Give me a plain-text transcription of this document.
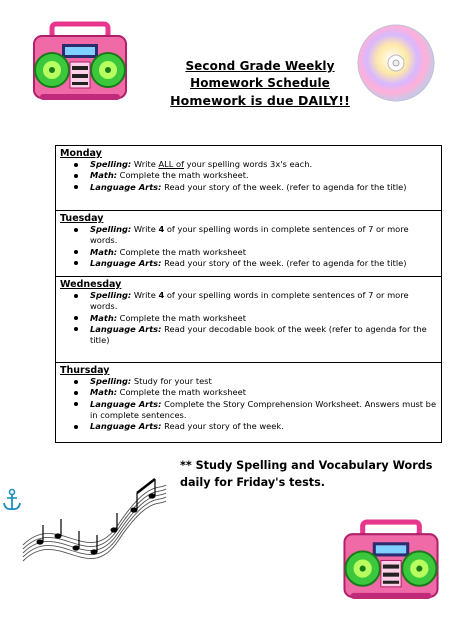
Second Grade Weekly
Homework Schedule
Homework is due DAILY!!
Monday
Spelling: Write ALL of your spelling words 3x's each.
Math: Complete the math worksheet.
Language Arts: Read your story of the week. (refer to agenda for the title)
Tuesday
Spelling: Write 4 of your spelling words in complete sentences of 7 or more words.
Math: Complete the math worksheet
Language Arts: Read your story of the week. (refer to agenda for the title)
Wednesday
Spelling: Write 4 of your spelling words in complete sentences of 7 or more words.
Math: Complete the math worksheet
Language Arts: Read your decodable book of the week (refer to agenda for the title)
Thursday
Spelling: Study for your test
Math: Complete the math worksheet
Language Arts: Complete the Story Comprehension Worksheet. Answers must be in complete sentences.
Language Arts: Read your story of the week.
** Study Spelling and Vocabulary Words daily for Friday's tests.
